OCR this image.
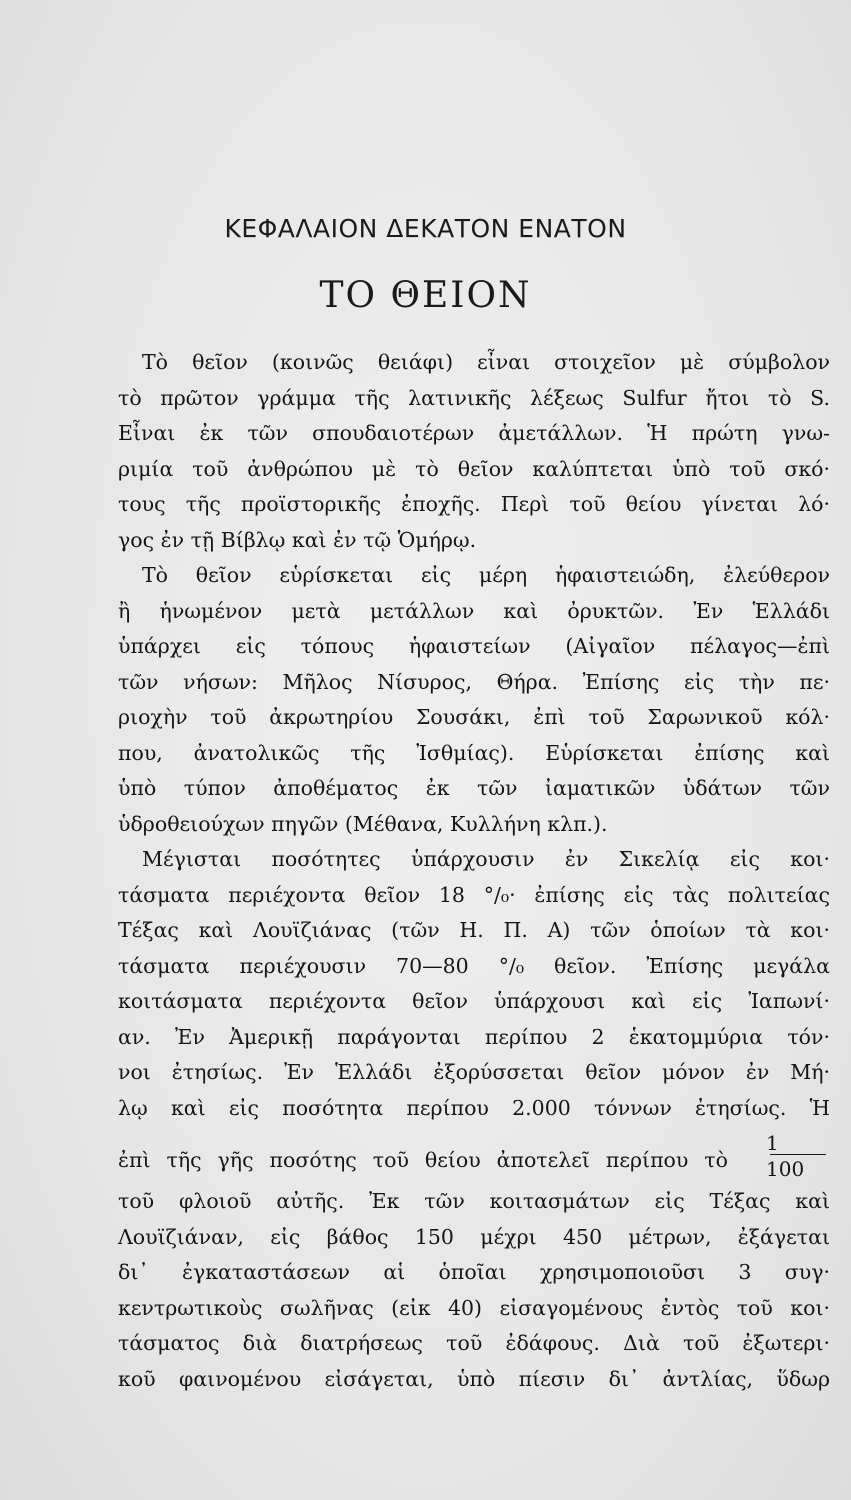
ΚΕΦΑΛΑΙΟΝ ΔΕΚΑΤΟΝ ΕΝΑΤΟΝ
ΤΟ ΘΕΙΟΝ
Τὸ θεῖον (κοινῶς θειάφι) εἶναι στοιχεῖον μὲ σύμβολον
τὸ πρῶτον γράμμα τῆς λατινικῆς λέξεως Sulfur ἤτοι τὸ S.
Εἶναι ἐκ τῶν σπουδαιοτέρων ἀμετάλλων. Ἡ πρώτη γνω-
ριμία τοῦ ἀνθρώπου μὲ τὸ θεῖον καλύπτεται ὑπὸ τοῦ σκό·
τους τῆς προϊστορικῆς ἐποχῆς. Περὶ τοῦ θείου γίνεται λό·
γος ἐν τῇ Βίβλῳ καὶ ἐν τῷ Ὁμήρῳ.
Τὸ θεῖον εὑρίσκεται εἰς μέρη ἡφαιστειώδη, ἐλεύθερον
ἢ ἡνωμένον μετὰ μετάλλων καὶ ὀρυκτῶν. Ἐν Ἑλλάδι
ὑπάρχει εἰς τόπους ἡφαιστείων (Αἰγαῖον πέλαγος—ἐπὶ
τῶν νήσων: Μῆλος Νίσυρος, Θήρα. Ἐπίσης εἰς τὴν πε·
ριοχὴν τοῦ ἀκρωτηρίου Σουσάκι, ἐπὶ τοῦ Σαρωνικοῦ κόλ·
που, ἀνατολικῶς τῆς Ἰσθμίας). Εὑρίσκεται ἐπίσης καὶ
ὑπὸ τύπον ἀποθέματος ἐκ τῶν ἰαματικῶν ὑδάτων τῶν
ὑδροθειούχων πηγῶν (Μέθανα, Κυλλήνη κλπ.).
Μέγισται ποσότητες ὑπάρχουσιν ἐν Σικελίᾳ εἰς κοι·
τάσματα περιέχοντα θεῖον 18 °/₀· ἐπίσης εἰς τὰς πολιτείας
Τέξας καὶ Λουϊζιάνας (τῶν Η. Π. Α) τῶν ὁποίων τὰ κοι·
τάσματα περιέχουσιν 70—80 °/₀ θεῖον. Ἐπίσης μεγάλα
κοιτάσματα περιέχοντα θεῖον ὑπάρχουσι καὶ εἰς Ἰαπωνί·
αν. Ἐν Ἀμερικῇ παράγονται περίπου 2 ἑκατομμύρια τόν·
νοι ἐτησίως. Ἐν Ἑλλάδι ἐξορύσσεται θεῖον μόνον ἐν Μή·
λῳ καὶ εἰς ποσότητα περίπου 2.000 τόννων ἐτησίως. Ἡ
ἐπὶ τῆς γῆς ποσότης τοῦ θείου ἀποτελεῖ περίπου τὸ
1
100
τοῦ φλοιοῦ αὐτῆς. Ἐκ τῶν κοιτασμάτων εἰς Τέξας καὶ
Λουϊζιάναν, εἰς βάθος 150 μέχρι 450 μέτρων, ἐξάγεται
δι᾽ ἐγκαταστάσεων αἱ ὁποῖαι χρησιμοποιοῦσι 3 συγ·
κεντρωτικοὺς σωλῆνας (εἰκ 40) εἰσαγομένους ἐντὸς τοῦ κοι·
τάσματος διὰ διατρήσεως τοῦ ἐδάφους. Διὰ τοῦ ἐξωτερι·
κοῦ φαινομένου εἰσάγεται, ὑπὸ πίεσιν δι᾽ ἀντλίας, ὕδωρ
